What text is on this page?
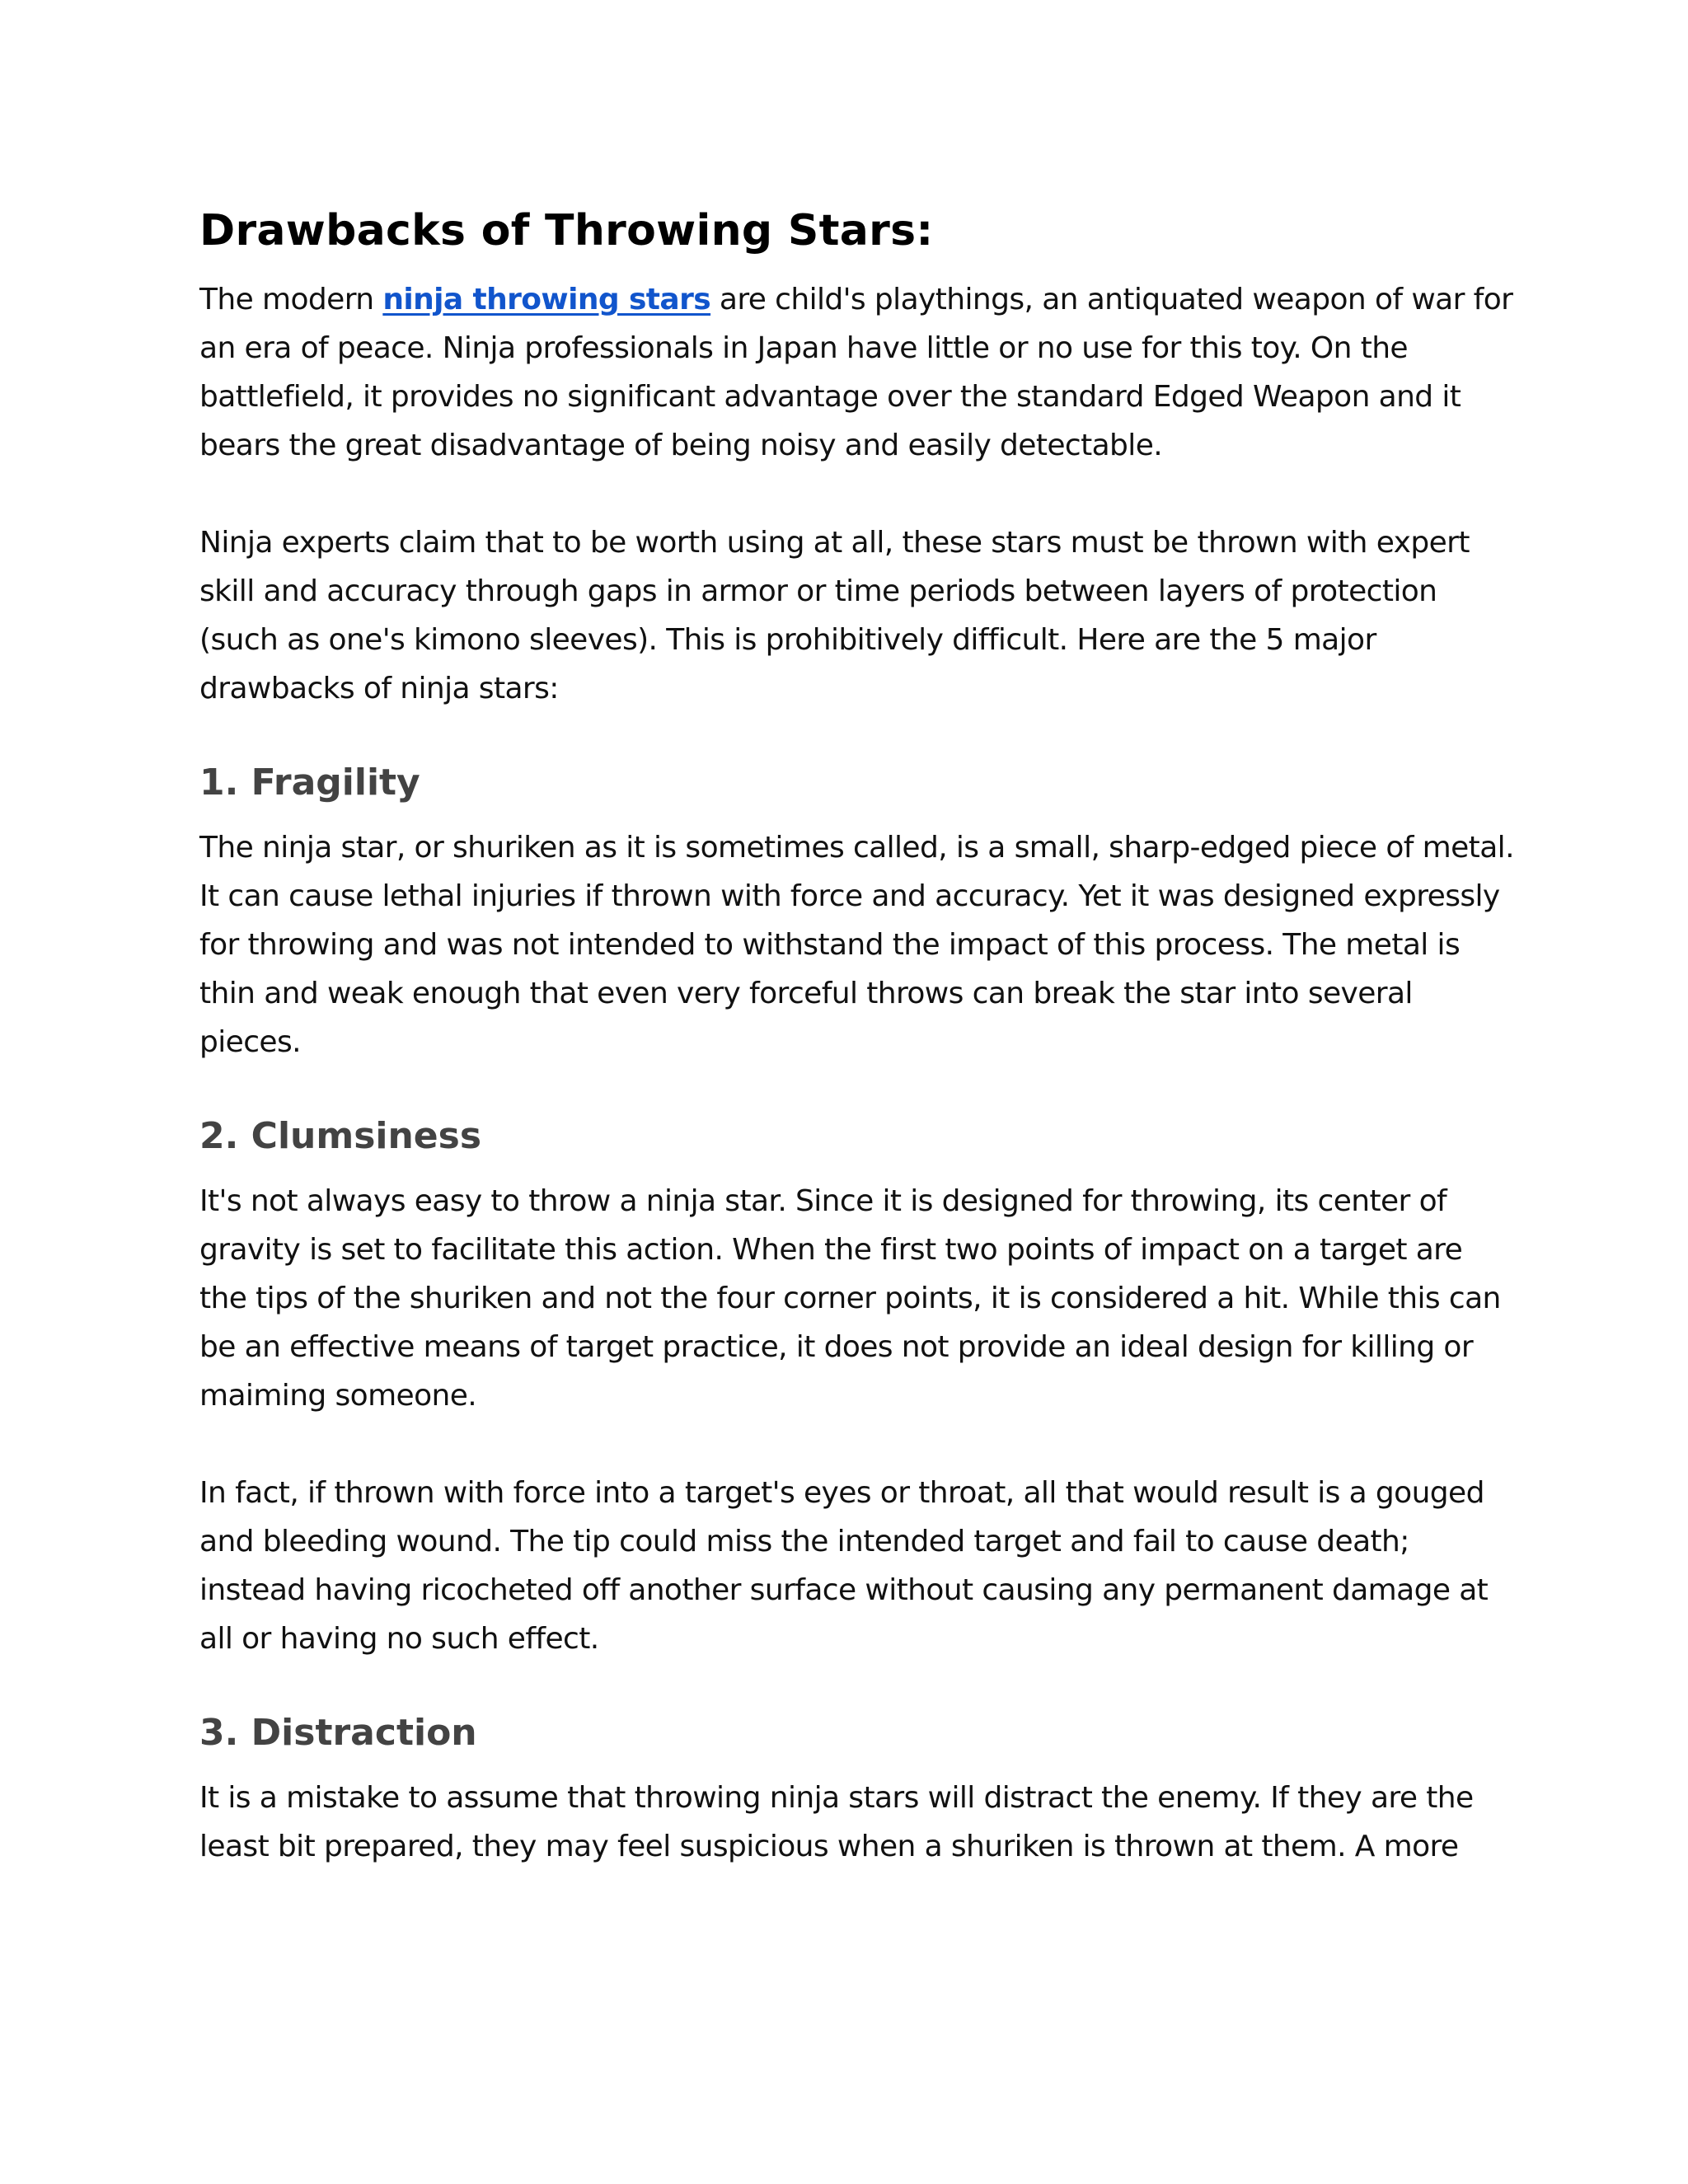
Drawbacks of Throwing Stars:

The modern ninja throwing stars are child's playthings, an antiquated weapon of war for an era of peace. Ninja professionals in Japan have little or no use for this toy. On the battlefield, it provides no significant advantage over the standard Edged Weapon and it bears the great disadvantage of being noisy and easily detectable.

Ninja experts claim that to be worth using at all, these stars must be thrown with expert skill and accuracy through gaps in armor or time periods between layers of protection (such as one's kimono sleeves). This is prohibitively difficult. Here are the 5 major drawbacks of ninja stars:

1. Fragility

The ninja star, or shuriken as it is sometimes called, is a small, sharp-edged piece of metal. It can cause lethal injuries if thrown with force and accuracy. Yet it was designed expressly for throwing and was not intended to withstand the impact of this process. The metal is thin and weak enough that even very forceful throws can break the star into several pieces.

2. Clumsiness

It's not always easy to throw a ninja star. Since it is designed for throwing, its center of gravity is set to facilitate this action. When the first two points of impact on a target are the tips of the shuriken and not the four corner points, it is considered a hit. While this can be an effective means of target practice, it does not provide an ideal design for killing or maiming someone.

In fact, if thrown with force into a target's eyes or throat, all that would result is a gouged and bleeding wound. The tip could miss the intended target and fail to cause death; instead having ricocheted off another surface without causing any permanent damage at all or having no such effect.

3. Distraction

It is a mistake to assume that throwing ninja stars will distract the enemy. If they are the least bit prepared, they may feel suspicious when a shuriken is thrown at them. A more
